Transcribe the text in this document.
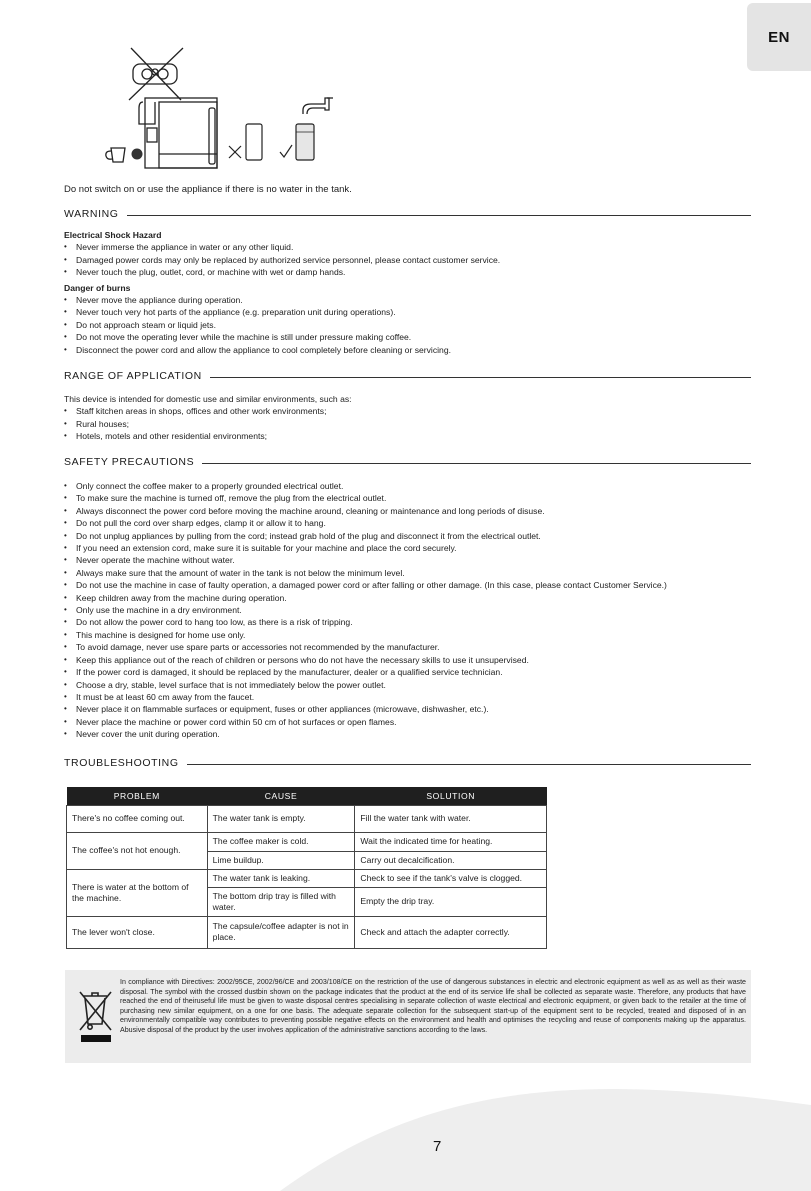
EN
Do not switch on or use the appliance if there is no water in the tank.
WARNING
Electrical Shock Hazard
• Never immerse the appliance in water or any other liquid.
• Damaged power cords may only be replaced by authorized service personnel, please contact customer service.
• Never touch the plug, outlet, cord, or machine with wet or damp hands.
Danger of burns
• Never move the appliance during operation.
• Never touch very hot parts of the appliance (e.g. preparation unit during operations).
• Do not approach steam or liquid jets.
• Do not move the operating lever while the machine is still under pressure making coffee.
• Disconnect the power cord and allow the appliance to cool completely before cleaning or servicing.
RANGE OF APPLICATION
This device is intended for domestic use and similar environments, such as:
• Staff kitchen areas in shops, offices and other work environments;
• Rural houses;
• Hotels, motels and other residential environments;
SAFETY PRECAUTIONS
• Only connect the coffee maker to a properly grounded electrical outlet.
• To make sure the machine is turned off, remove the plug from the electrical outlet.
• Always disconnect the power cord before moving the machine around, cleaning or maintenance and long periods of disuse.
• Do not pull the cord over sharp edges, clamp it or allow it to hang.
• Do not unplug appliances by pulling from the cord; instead grab hold of the plug and disconnect it from the electrical outlet.
• If you need an extension cord, make sure it is suitable for your machine and place the cord securely.
• Never operate the machine without water.
• Always make sure that the amount of water in the tank is not below the minimum level.
• Do not use the machine in case of faulty operation, a damaged power cord or after falling or other damage. (In this case, please contact Customer Service.)
• Keep children away from the machine during operation.
• Only use the machine in a dry environment.
• Do not allow the power cord to hang too low, as there is a risk of tripping.
• This machine is designed for home use only.
• To avoid damage, never use spare parts or accessories not recommended by the manufacturer.
• Keep this appliance out of the reach of children or persons who do not have the necessary skills to use it unsupervised.
• If the power cord is damaged, it should be replaced by the manufacturer, dealer or a qualified service technician.
• Choose a dry, stable, level surface that is not immediately below the power outlet.
• It must be at least 60 cm away from the faucet.
• Never place it on flammable surfaces or equipment, fuses or other appliances (microwave, dishwasher, etc.).
• Never place the machine or power cord within 50 cm of hot surfaces or open flames.
• Never cover the unit during operation.
TROUBLESHOOTING
PROBLEM	CAUSE	SOLUTION
There's no coffee coming out.	The water tank is empty.	Fill the water tank with water.
The coffee's not hot enough.	The coffee maker is cold.	Wait the indicated time for heating.
	Lime buildup.	Carry out decalcification.
There is water at the bottom of the machine.	The water tank is leaking.	Check to see if the tank's valve is clogged.
	The bottom drip tray is filled with water.	Empty the drip tray.
The lever won't close.	The capsule/coffee adapter is not in place.	Check and attach the adapter correctly.
In compliance with Directives: 2002/95CE, 2002/96/CE and 2003/108/CE on the restriction of the use of dangerous substances in electric and electronic equipment as well as as well as their waste disposal. The symbol with the crossed dustbin shown on the package indicates that the product at the end of its service life shall be collected as separate waste. Therefore, any products that have reached the end of theiruseful life must be given to waste disposal centres specialising in separate collection of waste electrical and electronic equipment, or given back to the retailer at the time of purchasing new similar equipment, on a one for one basis. The adequate separate collection for the subsequent start-up of the equipment sent to be recycled, treated and disposed of in an environmentally compatible way contributes to preventing possible negative effects on the environment and health and optimises the recycling and reuse of components making up the apparatus. Abusive disposal of the product by the user involves application of the administrative sanctions according to the laws.
7
